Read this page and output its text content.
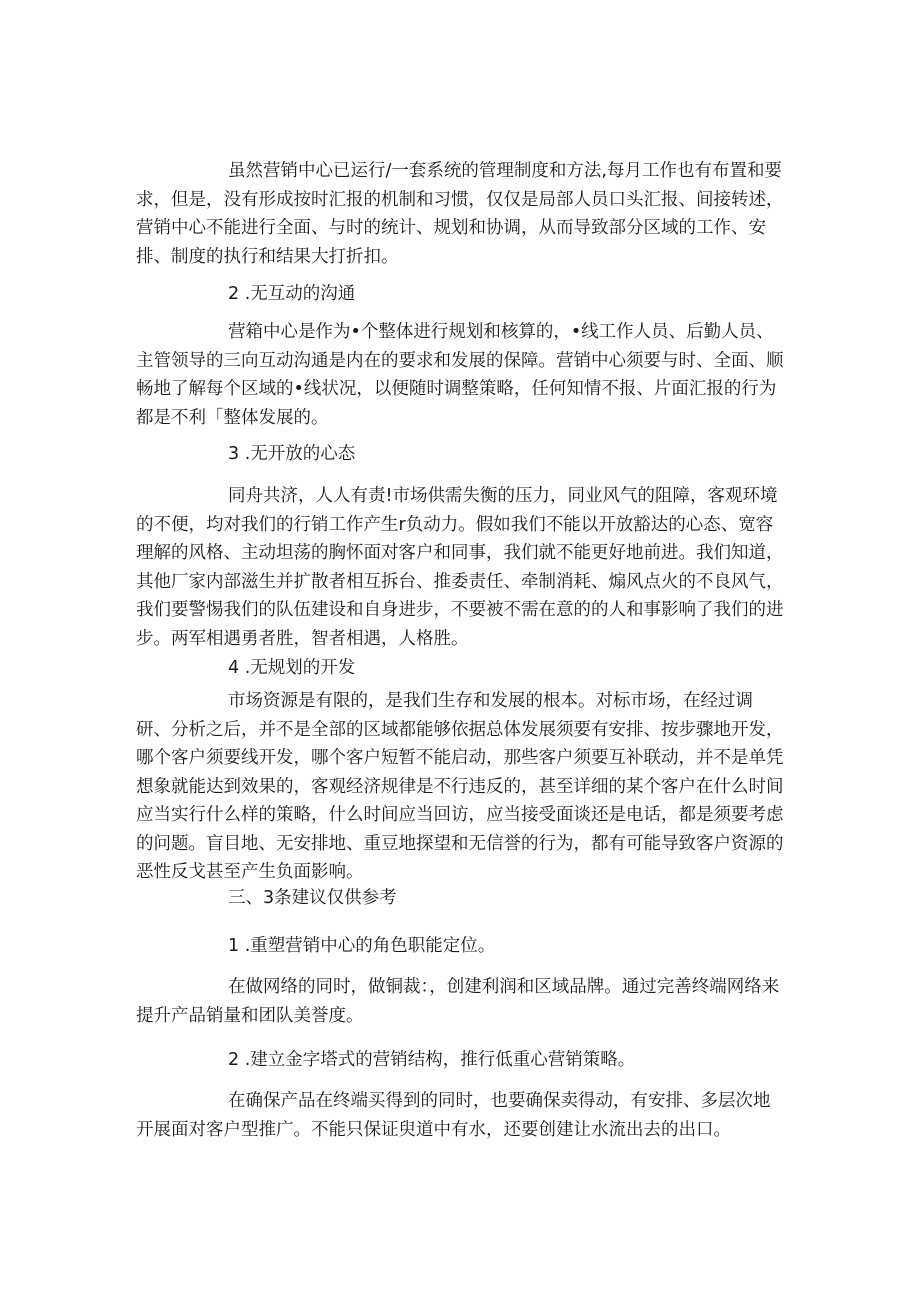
虽然营销中心已运行/一套系统的管理制度和方法,每月工作也有布置和要求，但是，没有形成按时汇报的机制和习惯，仅仅是局部人员口头汇报、间接转述，营销中心不能进行全面、与时的统计、规划和协调，从而导致部分区域的工作、安排、制度的执行和结果大打折扣。

2 .无互动的沟通

营箱中心是作为•个整体进行规划和核算的，•线工作人员、后勤人员、主管领导的三向互动沟通是内在的要求和发展的保障。营销中心须要与时、全面、顺畅地了解每个区域的•线状况，以便随时调整策略，任何知情不报、片面汇报的行为都是不利「整体发展的。

3 .无开放的心态

同舟共济，人人有责!市场供需失衡的压力，同业风气的阻障，客观环境的不便，均对我们的行销工作产生r负动力。假如我们不能以开放豁达的心态、宽容理解的风格、主动坦荡的胸怀面对客户和同事，我们就不能更好地前进。我们知道，其他厂家内部滋生并扩散者相互拆台、推委责任、牵制消耗、煽风点火的不良风气，我们要警惕我们的队伍建设和自身进步，不要被不需在意的的人和事影响了我们的进步。两军相遇勇者胜，智者相遇，人格胜。

4 .无规划的开发

市场资源是有限的，是我们生存和发展的根本。对标市场，在经过调研、分析之后，并不是全部的区域都能够依据总体发展须要有安排、按步骤地开发，哪个客户须要线开发，哪个客户短暂不能启动，那些客户须要互补联动，并不是单凭想象就能达到效果的，客观经济规律是不行违反的，甚至详细的某个客户在什么时间应当实行什么样的策略，什么时间应当回访，应当接受面谈还是电话，都是须要考虑的问题。盲目地、无安排地、重豆地探望和无信誉的行为，都有可能导致客户资源的恶性反戈甚至产生负面影响。

三、3条建议仅供参考

1 .重塑营销中心的角色职能定位。

在做网络的同时，做铜裁：，创建利润和区域品牌。通过完善终端网络来提升产品销量和团队美誉度。

2 .建立金字塔式的营销结构，推行低重心营销策略。

在确保产品在终端买得到的同时，也要确保卖得动，有安排、多层次地开展面对客户型推广。不能只保证臾道中有水，还要创建让水流出去的出口。
